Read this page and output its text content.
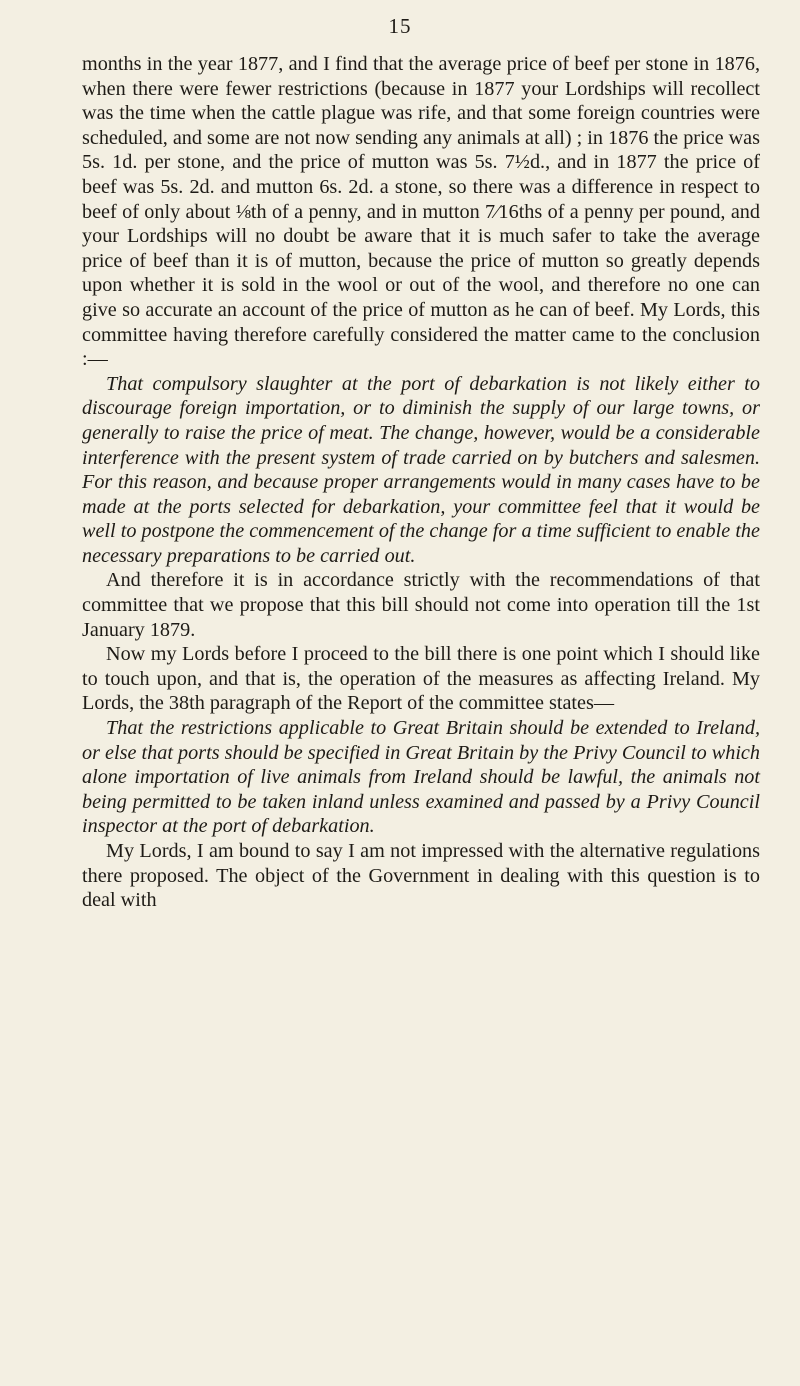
15

months in the year 1877, and I find that the average price of beef per stone in 1876, when there were fewer restrictions (because in 1877 your Lordships will recollect was the time when the cattle plague was rife, and that some foreign countries were scheduled, and some are not now sending any animals at all) ; in 1876 the price was 5s. 1d. per stone, and the price of mutton was 5s. 7½d., and in 1877 the price of beef was 5s. 2d. and mutton 6s. 2d. a stone, so there was a difference in respect to beef of only about ⅛th of a penny, and in mutton 7⁄16ths of a penny per pound, and your Lordships will no doubt be aware that it is much safer to take the average price of beef than it is of mutton, because the price of mutton so greatly depends upon whether it is sold in the wool or out of the wool, and therefore no one can give so accurate an account of the price of mutton as he can of beef. My Lords, this committee having therefore carefully considered the matter came to the conclusion :—

That compulsory slaughter at the port of debarkation is not likely either to discourage foreign importation, or to diminish the supply of our large towns, or generally to raise the price of meat. The change, however, would be a considerable interference with the present system of trade carried on by butchers and salesmen. For this reason, and because proper arrangements would in many cases have to be made at the ports selected for debarkation, your committee feel that it would be well to postpone the commencement of the change for a time sufficient to enable the necessary preparations to be carried out.

And therefore it is in accordance strictly with the recommendations of that committee that we propose that this bill should not come into operation till the 1st January 1879.

Now my Lords before I proceed to the bill there is one point which I should like to touch upon, and that is, the operation of the measures as affecting Ireland. My Lords, the 38th paragraph of the Report of the committee states—

That the restrictions applicable to Great Britain should be extended to Ireland, or else that ports should be specified in Great Britain by the Privy Council to which alone importation of live animals from Ireland should be lawful, the animals not being permitted to be taken inland unless examined and passed by a Privy Council inspector at the port of debarkation.

My Lords, I am bound to say I am not impressed with the alternative regulations there proposed. The object of the Government in dealing with this question is to deal with
